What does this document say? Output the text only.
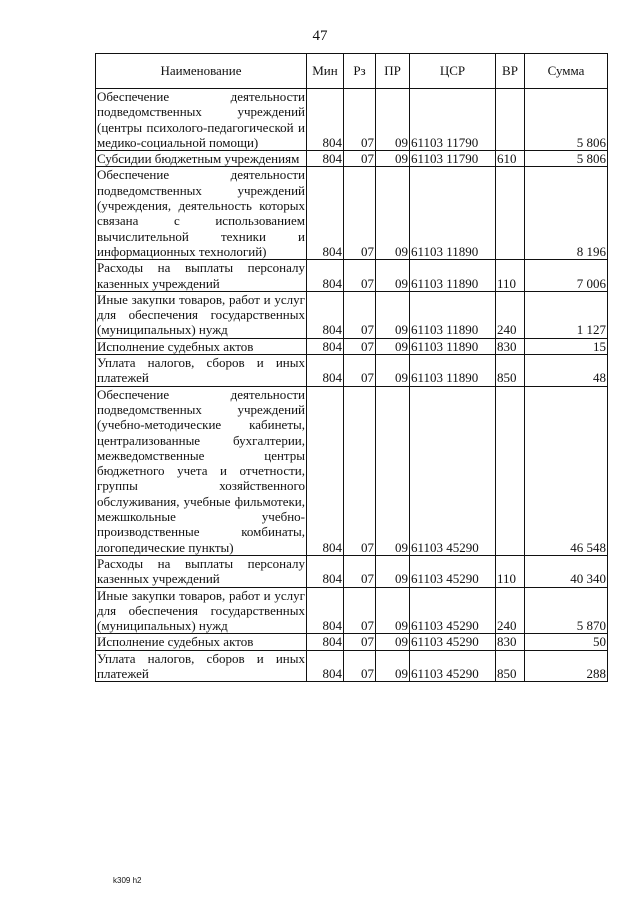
47
Наименование	Мин	Рз	ПР	ЦСР	ВР	Сумма
Обеспечение деятельности подведомственных учреждений (центры психолого-педагогической и медико-социальной помощи)	804	07	09	61103 11790		5 806
Субсидии бюджетным учреждениям	804	07	09	61103 11790	610	5 806
Обеспечение деятельности подведомственных учреждений (учреждения, деятельность которых связана с использованием вычислительной техники и информационных технологий)	804	07	09	61103 11890		8 196
Расходы на выплаты персоналу казенных учреждений	804	07	09	61103 11890	110	7 006
Иные закупки товаров, работ и услуг для обеспечения государственных (муниципальных) нужд	804	07	09	61103 11890	240	1 127
Исполнение судебных актов	804	07	09	61103 11890	830	15
Уплата налогов, сборов и иных платежей	804	07	09	61103 11890	850	48
Обеспечение деятельности подведомственных учреждений (учебно-методические кабинеты, централизованные бухгалтерии, межведомственные центры бюджетного учета и отчетности, группы хозяйственного обслуживания, учебные фильмотеки, межшкольные учебно-производственные комбинаты, логопедические пункты)	804	07	09	61103 45290		46 548
Расходы на выплаты персоналу казенных учреждений	804	07	09	61103 45290	110	40 340
Иные закупки товаров, работ и услуг для обеспечения государственных (муниципальных) нужд	804	07	09	61103 45290	240	5 870
Исполнение судебных актов	804	07	09	61103 45290	830	50
Уплата налогов, сборов и иных платежей	804	07	09	61103 45290	850	288
k309 h2
